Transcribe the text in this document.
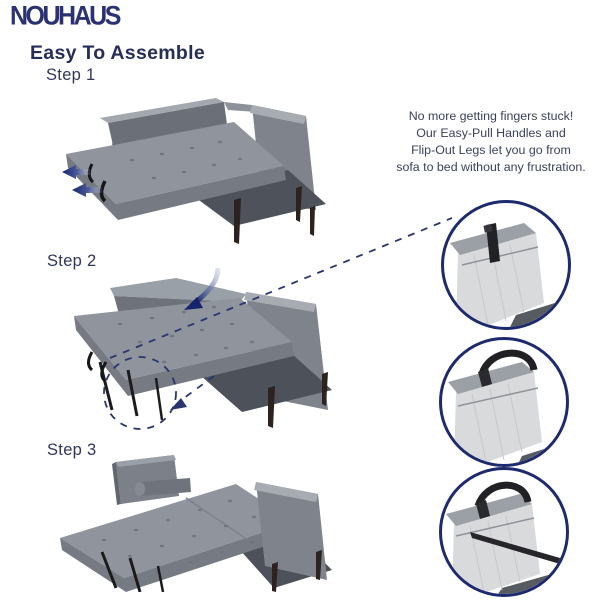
NOUHAUS
Easy To Assemble
Step 1
Step 2
Step 3
No more getting fingers stuck!
Our Easy-Pull Handles and
Flip-Out Legs let you go from
sofa to bed without any frustration.
